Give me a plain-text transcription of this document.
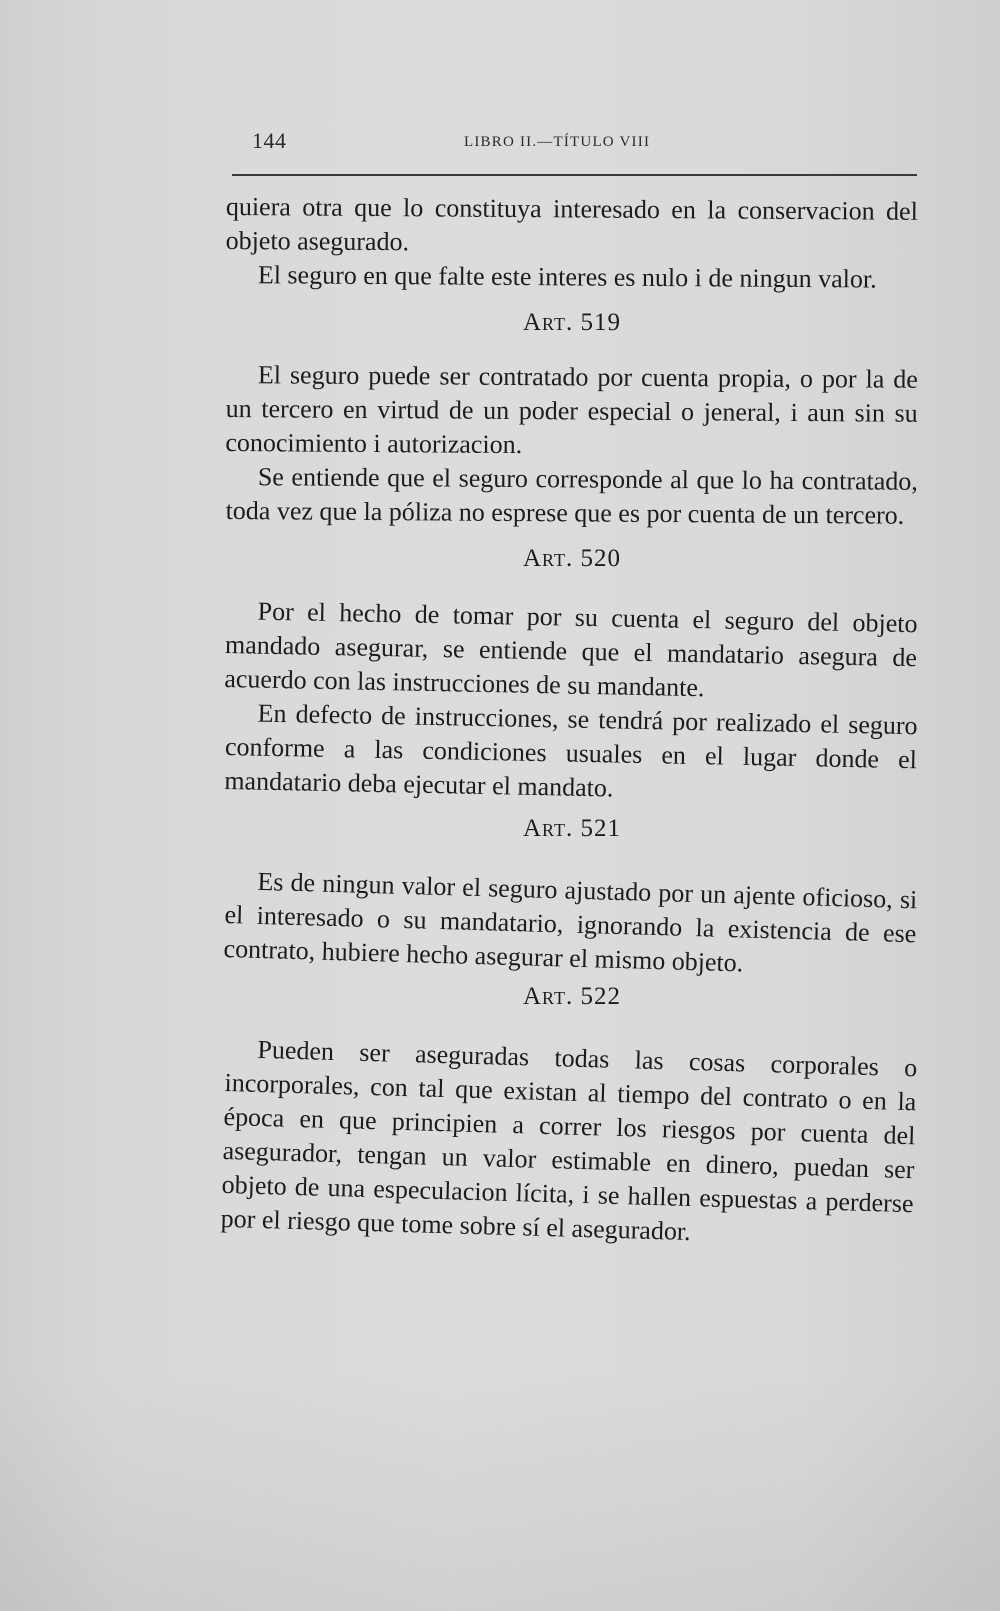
144	LIBRO II.—TÍTULO VIII

quiera otra que lo constituya interesado en la conservacion del objeto asegurado.

El seguro en que falte este interes es nulo i de ningun valor.

Art. 519

El seguro puede ser contratado por cuenta propia, o por la de un tercero en virtud de un poder especial o jeneral, i aun sin su conocimiento i autorizacion.

Se entiende que el seguro corresponde al que lo ha contratado, toda vez que la póliza no esprese que es por cuenta de un tercero.

Art. 520

Por el hecho de tomar por su cuenta el seguro del objeto mandado asegurar, se entiende que el mandatario asegura de acuerdo con las instrucciones de su mandante.

En defecto de instrucciones, se tendrá por realizado el seguro conforme a las condiciones usuales en el lugar donde el mandatario deba ejecutar el mandato.

Art. 521

Es de ningun valor el seguro ajustado por un ajente oficioso, si el interesado o su mandatario, ignorando la existencia de ese contrato, hubiere hecho asegurar el mismo objeto.

Art. 522

Pueden ser aseguradas todas las cosas corporales o incorporales, con tal que existan al tiempo del contrato o en la época en que principien a correr los riesgos por cuenta del asegurador, tengan un valor estimable en dinero, puedan ser objeto de una especulacion lícita, i se hallen espuestas a perderse por el riesgo que tome sobre sí el asegurador.
